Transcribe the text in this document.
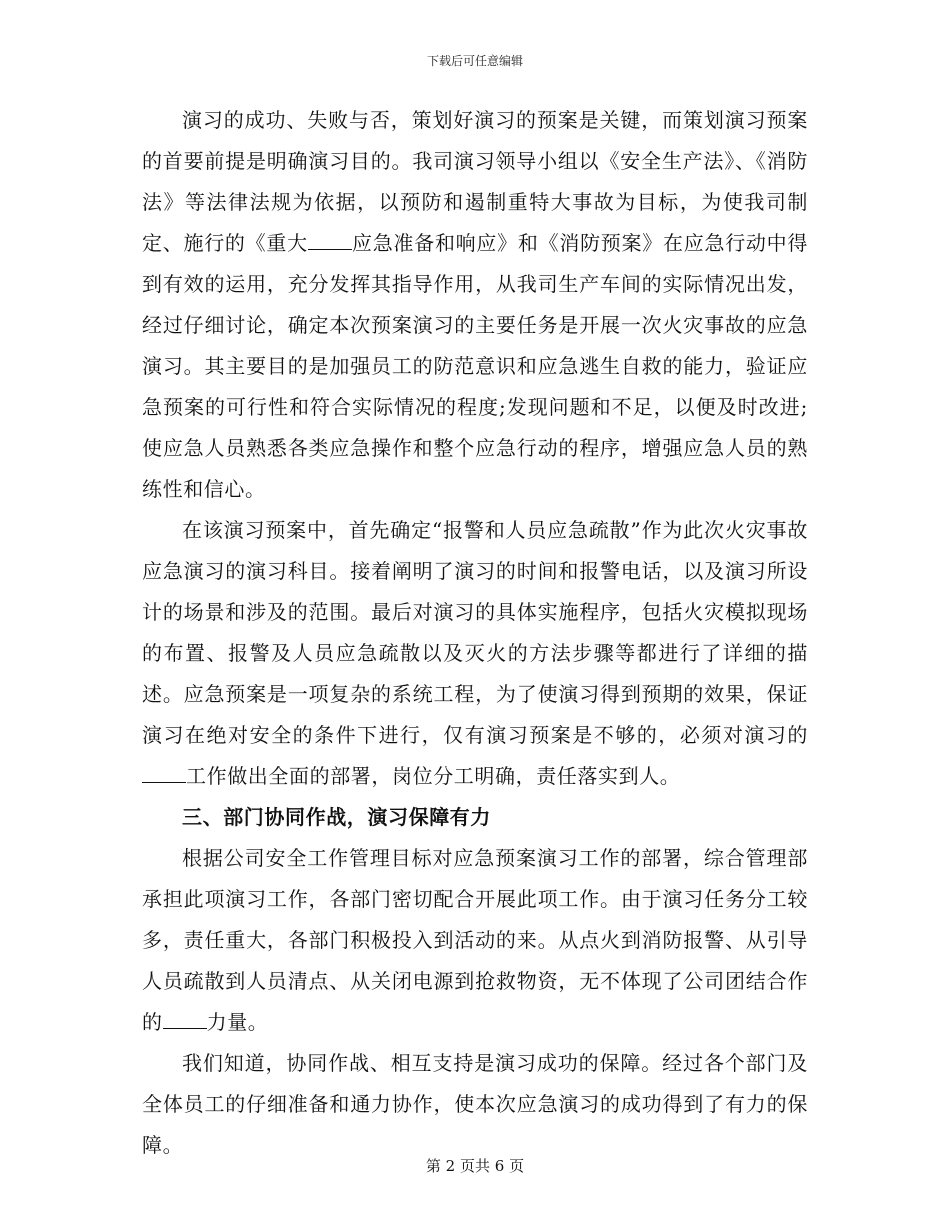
下载后可任意编辑

演习的成功、失败与否，策划好演习的预案是关键，而策划演习预案的首要前提是明确演习目的。我司演习领导小组以《安全生产法》、《消防法》等法律法规为依据，以预防和遏制重特大事故为目标，为使我司制定、施行的《重大 应急准备和响应》和《消防预案》在应急行动中得到有效的运用，充分发挥其指导作用，从我司生产车间的实际情况出发，经过仔细讨论，确定本次预案演习的主要任务是开展一次火灾事故的应急演习。其主要目的是加强员工的防范意识和应急逃生自救的能力，验证应急预案的可行性和符合实际情况的程度;发现问题和不足，以便及时改进;使应急人员熟悉各类应急操作和整个应急行动的程序，增强应急人员的熟练性和信心。

在该演习预案中，首先确定“报警和人员应急疏散”作为此次火灾事故应急演习的演习科目。接着阐明了演习的时间和报警电话，以及演习所设计的场景和涉及的范围。最后对演习的具体实施程序，包括火灾模拟现场的布置、报警及人员应急疏散以及灭火的方法步骤等都进行了详细的描述。应急预案是一项复杂的系统工程，为了使演习得到预期的效果，保证演习在绝对安全的条件下进行，仅有演习预案是不够的，必须对演习的工作做出全面的部署，岗位分工明确，责任落实到人。

三、部门协同作战，演习保障有力

根据公司安全工作管理目标对应急预案演习工作的部署，综合管理部承担此项演习工作，各部门密切配合开展此项工作。由于演习任务分工较多，责任重大，各部门积极投入到活动的来。从点火到消防报警、从引导人员疏散到人员清点、从关闭电源到抢救物资，无不体现了公司团结合作的 力量。

我们知道，协同作战、相互支持是演习成功的保障。经过各个部门及全体员工的仔细准备和通力协作，使本次应急演习的成功得到了有力的保障。

第 2 页共 6 页
